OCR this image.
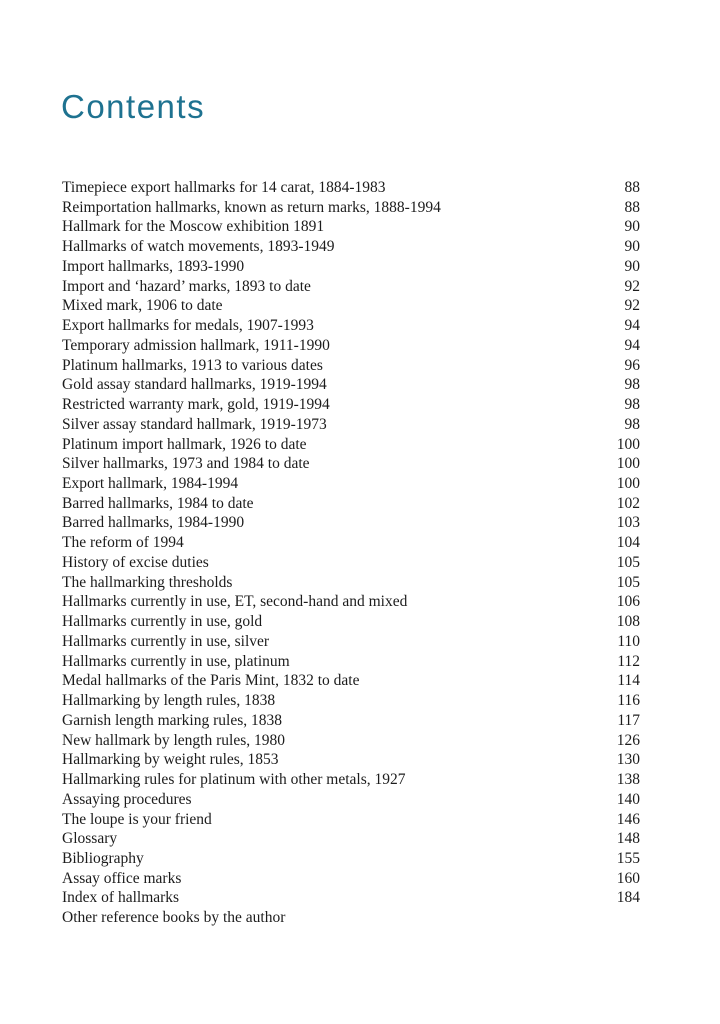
Contents
Timepiece export hallmarks for 14 carat, 1884-1983	88
Reimportation hallmarks, known as return marks, 1888-1994	88
Hallmark for the Moscow exhibition 1891	90
Hallmarks of watch movements, 1893-1949	90
Import hallmarks, 1893-1990	90
Import and ‘hazard’ marks, 1893 to date	92
Mixed mark, 1906 to date	92
Export hallmarks for medals, 1907-1993	94
Temporary admission hallmark, 1911-1990	94
Platinum hallmarks, 1913 to various dates	96
Gold assay standard hallmarks, 1919-1994	98
Restricted warranty mark, gold, 1919-1994	98
Silver assay standard hallmark, 1919-1973	98
Platinum import hallmark, 1926 to date	100
Silver hallmarks, 1973 and 1984 to date	100
Export hallmark, 1984-1994	100
Barred hallmarks, 1984 to date	102
Barred hallmarks, 1984-1990	103
The reform of 1994	104
History of excise duties	105
The hallmarking thresholds	105
Hallmarks currently in use, ET, second-hand and mixed	106
Hallmarks currently in use, gold	108
Hallmarks currently in use, silver	110
Hallmarks currently in use, platinum	112
Medal hallmarks of the Paris Mint, 1832 to date	114
Hallmarking by length rules, 1838	116
Garnish length marking rules, 1838	117
New hallmark by length rules, 1980	126
Hallmarking by weight rules, 1853	130
Hallmarking rules for platinum with other metals, 1927	138
Assaying procedures	140
The loupe is your friend	146
Glossary	148
Bibliography	155
Assay office marks	160
Index of hallmarks	184
Other reference books by the author
